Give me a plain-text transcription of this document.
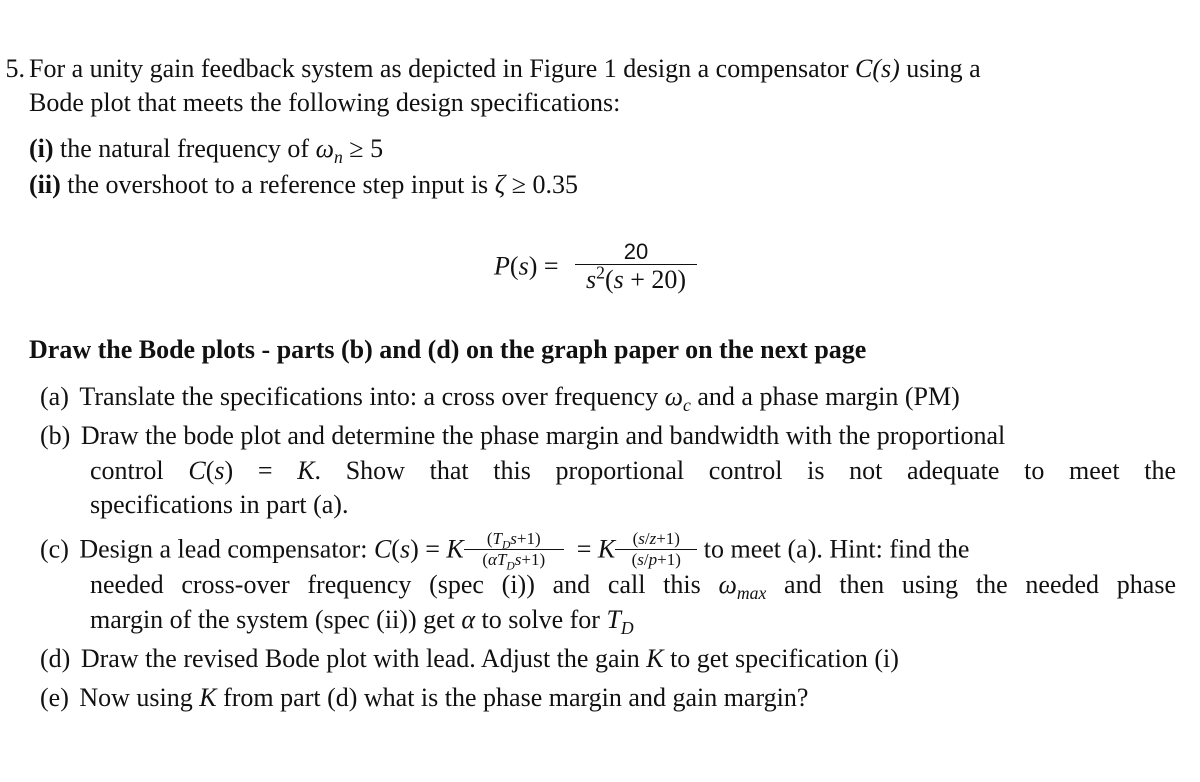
5. For a unity gain feedback system as depicted in Figure 1 design a compensator C(s) using a
Bode plot that meets the following design specifications:
(i) the natural frequency of $\omega_n \ge 5$
(ii) the overshoot to a reference step input is ζ ≥ 0.35
$P(s) = \frac{20}{s^2(s + 20)}$
Draw the Bode plots - parts (b) and (d) on the graph paper on the next page
(a) Translate the specifications into: a cross over frequency $\omega_c$ and a phase margin (PM)
(b) Draw the bode plot and determine the phase margin and bandwidth with the proportional
control C(s) = K. Show that this proportional control is not adequate to meet the
specifications in part (a).
(c) Design a lead compensator: C(s) = K $\frac{(T_Ds+1)}{(\alpha T_Ds+1)} = K \frac{(s/z+1)}{(s/p+1)}$ to meet (a). Hint: find the
needed cross-over frequency (spec (i)) and call this $\omega_{max}$ and then using the needed phase
margin of the system (spec (ii)) get α to solve for $T_D$
(d) Draw the revised Bode plot with lead. Adjust the gain K to get specification (i)
(e) Now using K from part (d) what is the phase margin and gain margin?
